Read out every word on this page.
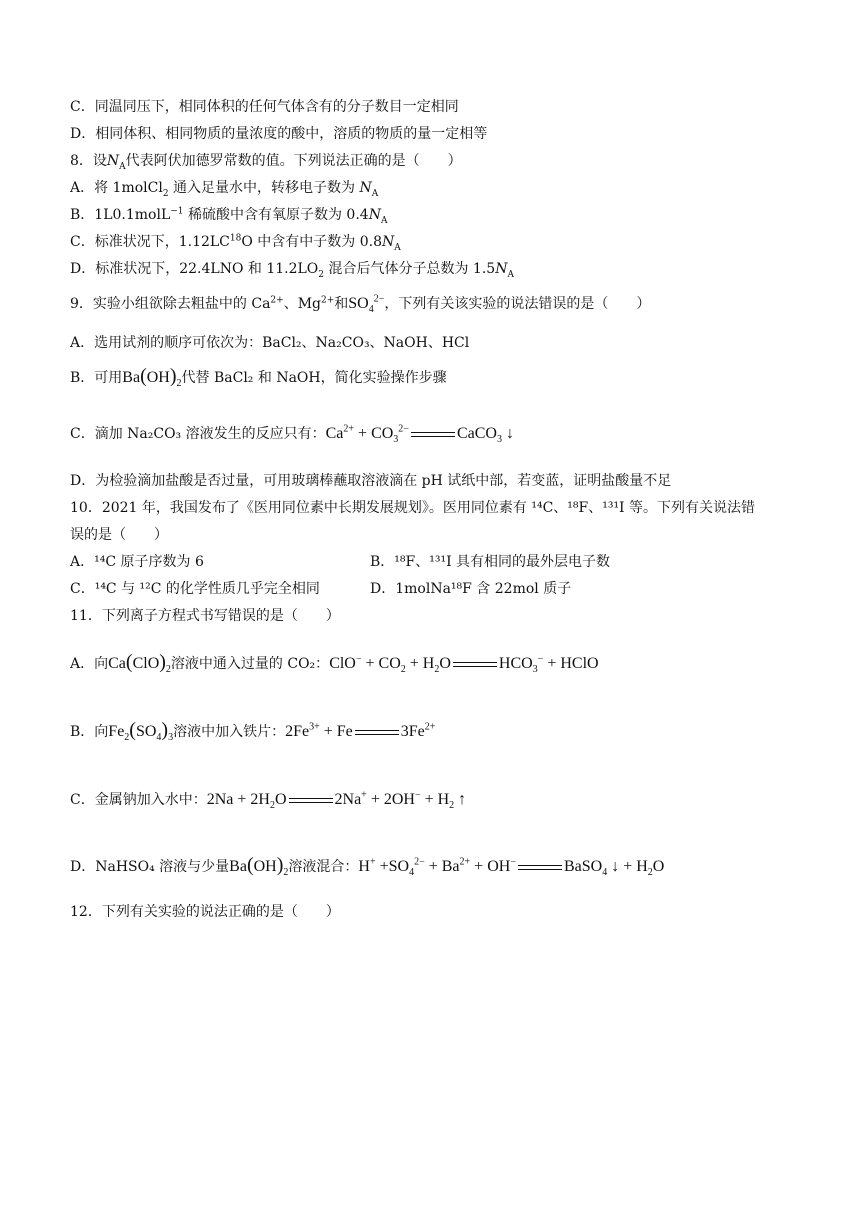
C．同温同压下，相同体积的任何气体含有的分子数目一定相同
D．相同体积、相同物质的量浓度的酸中，溶质的物质的量一定相等
8．设$N_A$代表阿伏加德罗常数的值。下列说法正确的是（　　）
A．将 1molCl$_2$ 通入足量水中，转移电子数为 $N_A$
B．1L0.1molL$^{-1}$ 稀硫酸中含有氧原子数为 $0.4N_A$
C．标准状况下，1.12LC$^{18}$O 中含有中子数为 $0.8N_A$
D．标准状况下，22.4LNO 和 $11.2LO_2$ 混合后气体分子总数为 $1.5N_A$
9．实验小组欲除去粗盐中的 $Ca^{2+}$、$Mg^{2+}$和$SO_4^{2-}$，下列有关该实验的说法错误的是（　　）
A．选用试剂的顺序可依次为：BaCl₂、Na₂CO₃、NaOH、HCl
B．可用$Ba(OH)_2$代替 BaCl₂ 和 NaOH，简化实验操作步骤
C．滴加 Na₂CO₃ 溶液发生的反应只有：$Ca^{2+} + CO_3^{2-}$	CaCO$_3$ ↓
D．为检验滴加盐酸是否过量，可用玻璃棒蘸取溶液滴在 pH 试纸中部，若变蓝，证明盐酸量不足
10．2021 年，我国发布了《医用同位素中长期发展规划》。医用同位素有 ¹⁴C、¹⁸F、¹³¹I 等。下列有关说法错
误的是（　　）
A．¹⁴C 原子序数为 6	B．¹⁸F、¹³¹I 具有相同的最外层电子数
C．¹⁴C 与 ¹²C 的化学性质几乎完全相同	D．1molNa¹⁸F 含 22mol 质子
11．下列离子方程式书写错误的是（　　）
A．向$Ca(ClO)_2$溶液中通入过量的 CO₂：$ClO^- + CO_2 + H_2O$	$HCO_3^-$ + HClO
B．向$Fe_2(SO_4)_3$溶液中加入铁片：$2Fe^{3+} + Fe$	$3Fe^{2+}$
C．金属钠加入水中：$2Na + 2H_2O$	$2Na^+ + 2OH^- + H_2$ ↑
D．NaHSO₄ 溶液与少量$Ba(OH)_2$溶液混合：$H^+ +SO_4^{2-} + Ba^{2+} + OH^-$	BaSO$_4$ ↓ + $H_2O$
12．下列有关实验的说法正确的是（　　）
